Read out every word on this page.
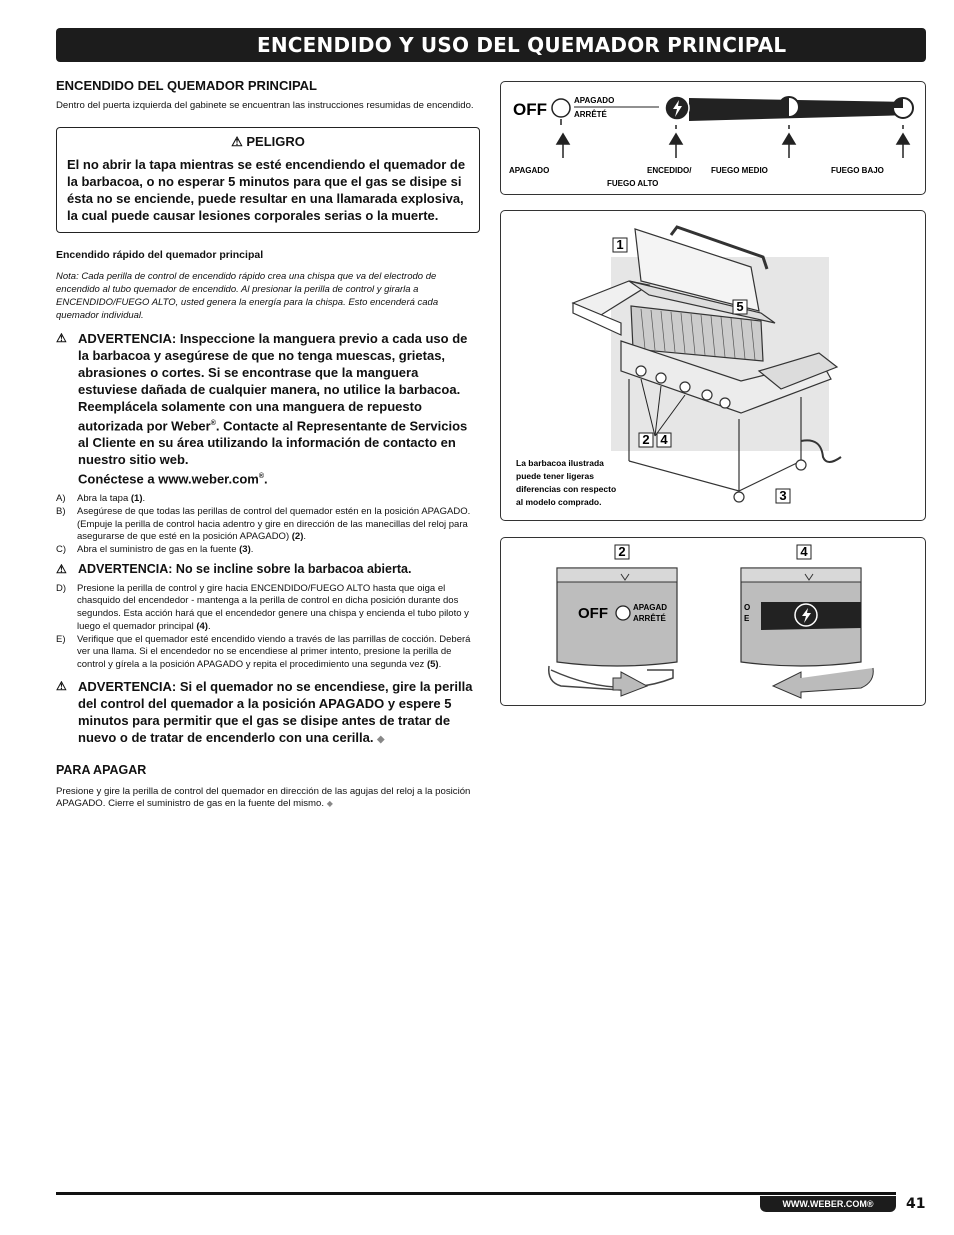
ENCENDIDO Y USO DEL QUEMADOR PRINCIPAL
ENCENDIDO DEL QUEMADOR PRINCIPAL
Dentro del puerta izquierda del gabinete se encuentran las instrucciones resumidas de encendido.
⚠ PELIGRO
El no abrir la tapa mientras se esté encendiendo el quemador de la barbacoa, o no esperar 5 minutos para que el gas se disipe si ésta no se enciende, puede resultar en una llamarada explosiva, la cual puede causar lesiones corporales serias o la muerte.
Encendido rápido del quemador principal
Nota: Cada perilla de control de encendido rápido crea una chispa que va del electrodo de encendido al tubo quemador de encendido. Al presionar la perilla de control y girarla a ENCENDIDO/FUEGO ALTO, usted genera la energía para la chispa. Esto encenderá cada quemador individual.
⚠ ADVERTENCIA: Inspeccione la manguera previo a cada uso de la barbacoa y asegúrese de que no tenga muescas, grietas, abrasiones o cortes. Si se encontrase que la manguera estuviese dañada de cualquier manera, no utilice la barbacoa. Reemplácela solamente con una manguera de repuesto autorizada por Weber®. Contacte al Representante de Servicios al Cliente en su área utilizando la información de contacto en nuestro sitio web.
Conéctese a www.weber.com®.
A)	Abra la tapa (1).
B)	Asegúrese de que todas las perillas de control del quemador estén en la posición APAGADO. (Empuje la perilla de control hacia adentro y gire en dirección de las manecillas del reloj para asegurarse de que esté en la posición APAGADO) (2).
C)	Abra el suministro de gas en la fuente (3).
⚠ ADVERTENCIA: No se incline sobre la barbacoa abierta.
D)	Presione la perilla de control y gire hacia ENCENDIDO/FUEGO ALTO hasta que oiga el chasquido del encendedor - mantenga a la perilla de control en dicha posición durante dos segundos. Esta acción hará que el encendedor genere una chispa y encienda el tubo piloto y luego el quemador principal (4).
E)	Verifique que el quemador esté encendido viendo a través de las parrillas de cocción. Deberá ver una llama. Si el encendedor no se encendiese al primer intento, presione la perilla de control y gírela a la posición APAGADO y repita el procedimiento una segunda vez (5).
⚠ ADVERTENCIA: Si el quemador no se encendiese, gire la perilla del control del quemador a la posición APAGADO y espere 5 minutos para permitir que el gas se disipe antes de tratar de nuevo o de tratar de encenderlo con una cerilla. ◆
PARA APAGAR
Presione y gire la perilla de control del quemador en dirección de las agujas del reloj a la posición APAGADO. Cierre el suministro de gas en la fuente del mismo. ◆
OFF	APAGADO
ARRÊTÉ
APAGADO	ENCEDIDO/
FUEGO ALTO
FUEGO MEDIO	FUEGO BAJO
1
5
2 4
3
La barbacoa ilustrada
puede tener ligeras
diferencias con respecto
al modelo comprado.
OFF	APAGAD
ARRÊTÉ
2
O
E
4
WWW.WEBER.COM®	41
